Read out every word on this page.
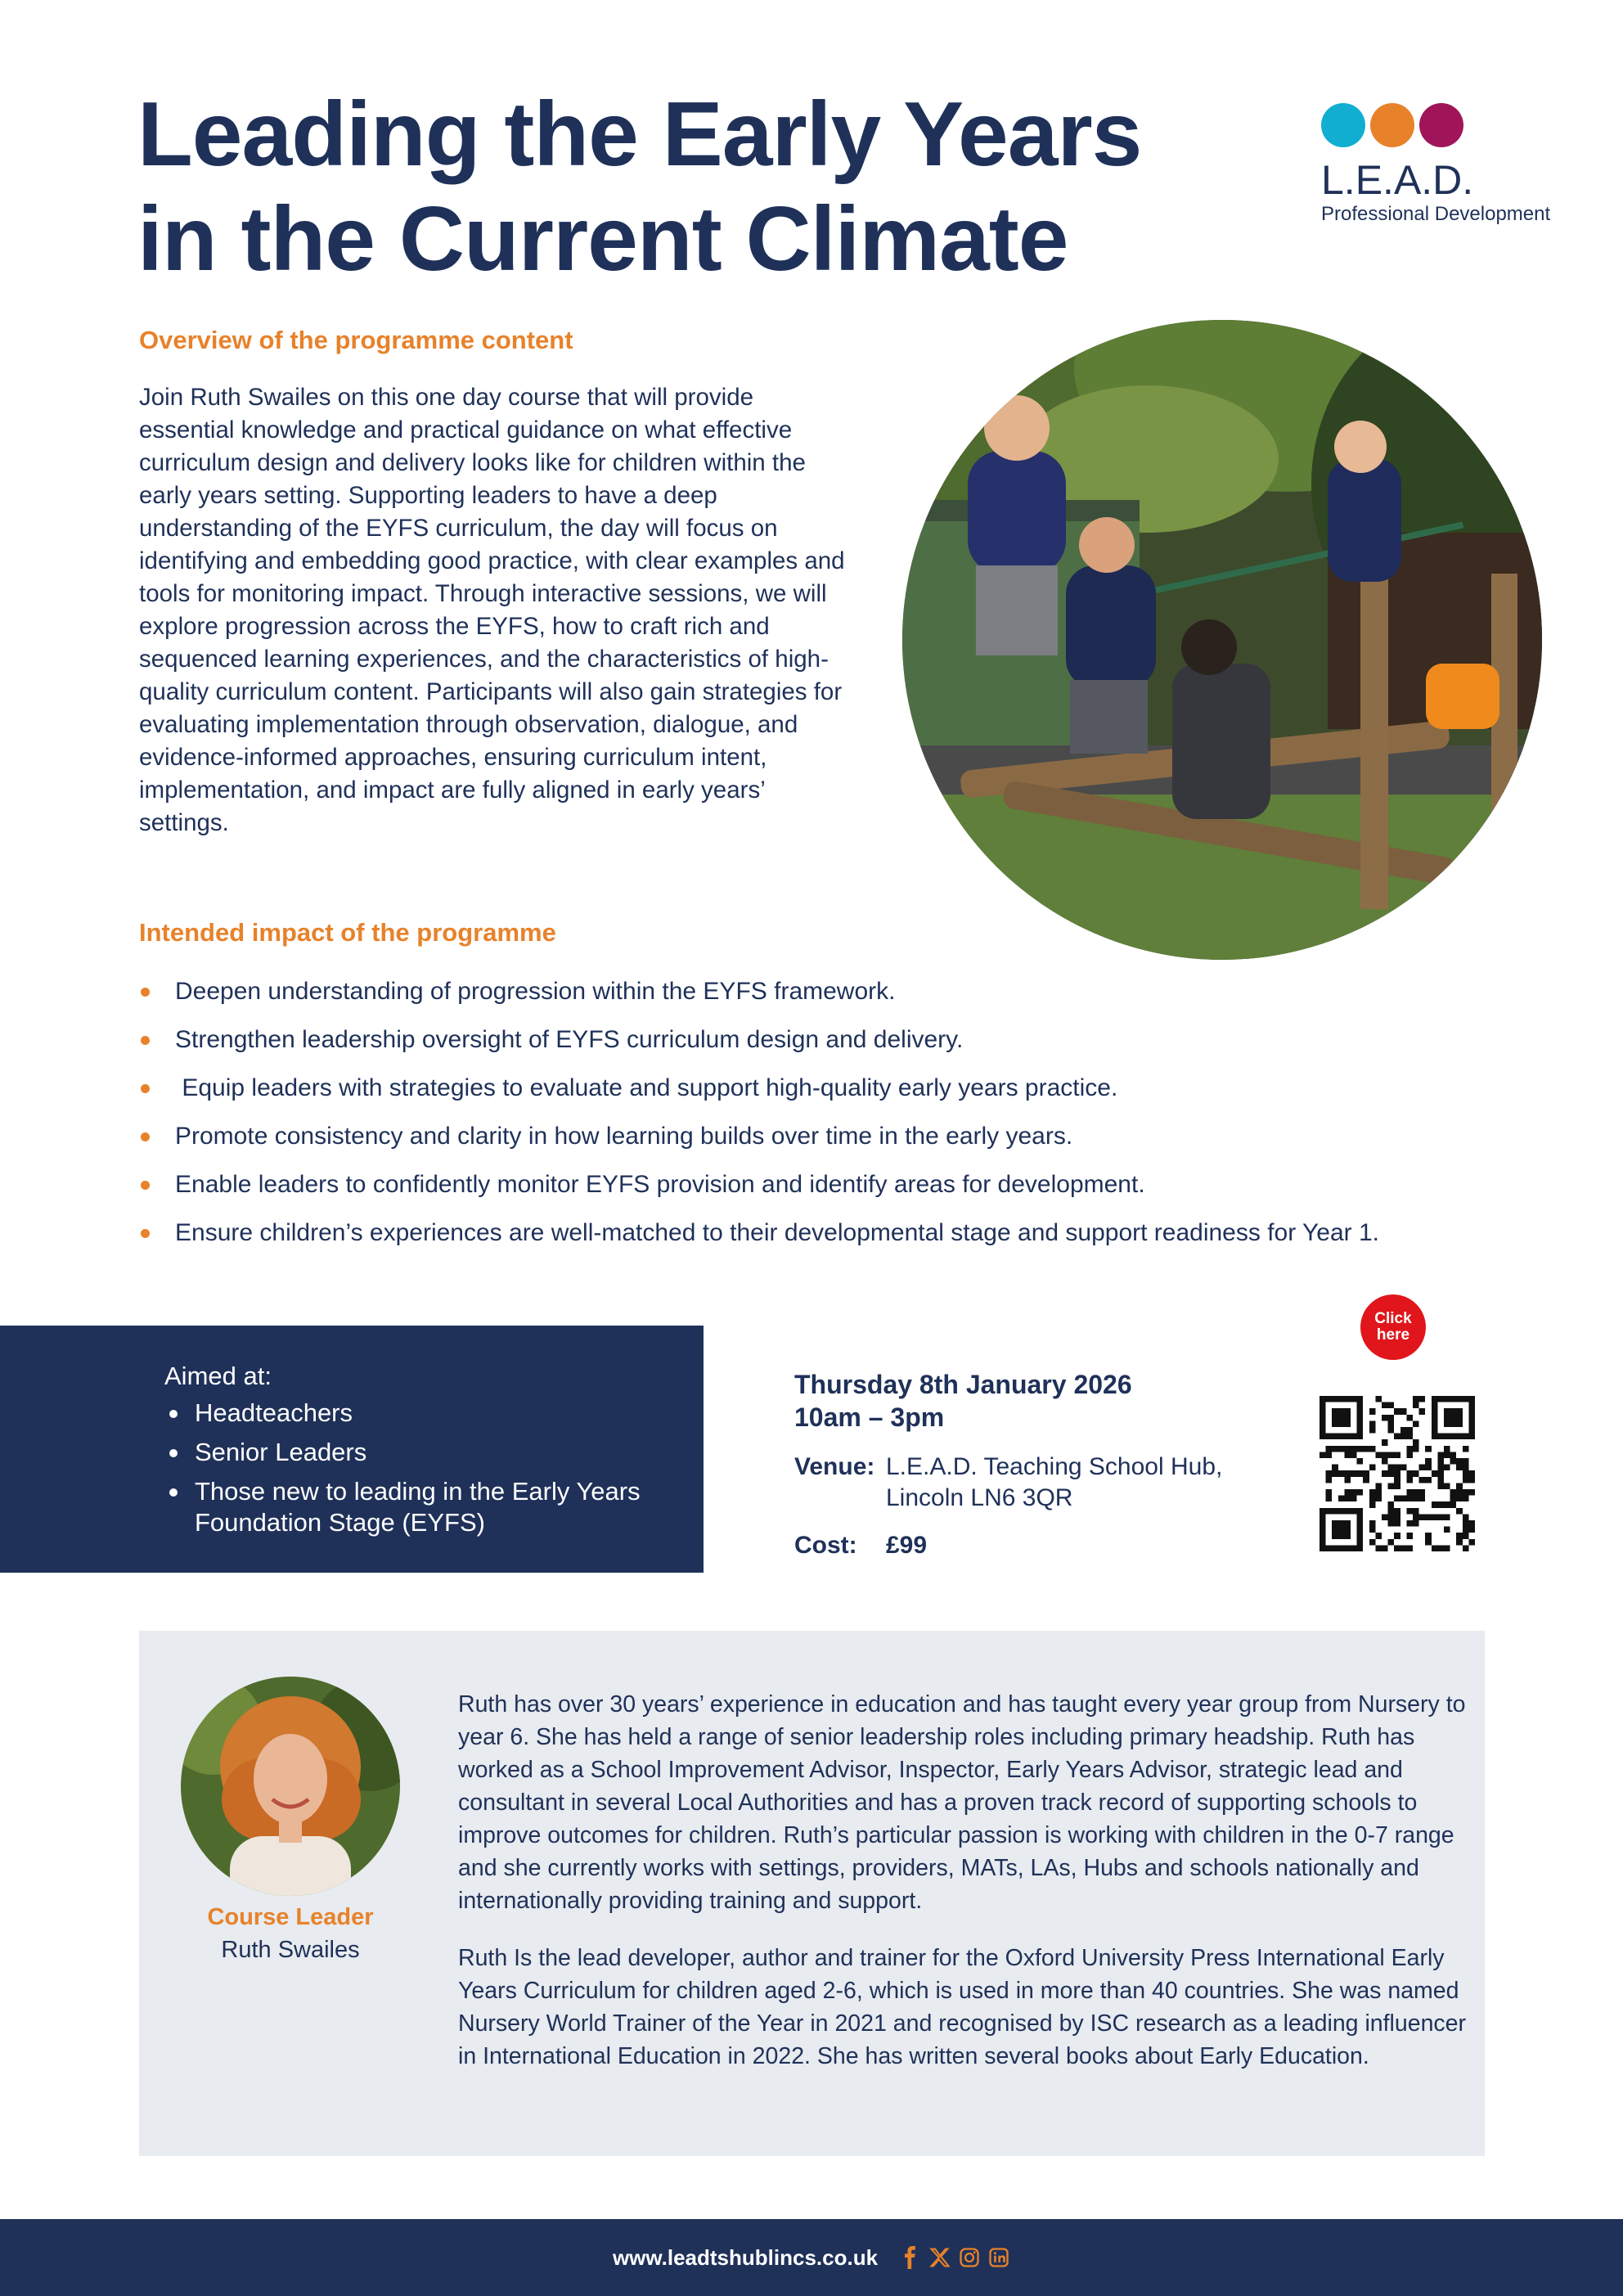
Leading the Early Years
in the Current Climate
L.E.A.D.
Professional Development
Overview of the programme content

Join Ruth Swailes on this one day course that will provide essential knowledge and practical guidance on what effective curriculum design and delivery looks like for children within the early years setting. Supporting leaders to have a deep understanding of the EYFS curriculum, the day will focus on identifying and embedding good practice, with clear examples and tools for monitoring impact. Through interactive sessions, we will explore progression across the EYFS, how to craft rich and sequenced learning experiences, and the characteristics of high-quality curriculum content. Participants will also gain strategies for evaluating implementation through observation, dialogue, and evidence-informed approaches, ensuring curriculum intent, implementation, and impact are fully aligned in early years’ settings.

Intended impact of the programme
Deepen understanding of progression within the EYFS framework.
Strengthen leadership oversight of EYFS curriculum design and delivery.
Equip leaders with strategies to evaluate and support high-quality early years practice.
Promote consistency and clarity in how learning builds over time in the early years.
Enable leaders to confidently monitor EYFS provision and identify areas for development.
Ensure children’s experiences are well-matched to their developmental stage and support readiness for Year 1.
Aimed at:
Headteachers
Senior Leaders
Those new to leading in the Early Years Foundation Stage (EYFS)
Thursday 8th January 2026
10am – 3pm
Venue: L.E.A.D. Teaching School Hub,
Lincoln LN6 3QR
Cost:	£99
Click
here
Course Leader
Ruth Swailes

Ruth has over 30 years’ experience in education and has taught every year group from Nursery to year 6. She has held a range of senior leadership roles including primary headship. Ruth has worked as a School Improvement Advisor, Inspector, Early Years Advisor, strategic lead and consultant in several Local Authorities and has a proven track record of supporting schools to improve outcomes for children. Ruth’s particular passion is working with children in the 0-7 range and she currently works with settings, providers, MATs, LAs, Hubs and schools nationally and internationally providing training and support.

Ruth Is the lead developer, author and trainer for the Oxford University Press International Early Years Curriculum for children aged 2-6, which is used in more than 40 countries. She was named Nursery World Trainer of the Year in 2021 and recognised by ISC research as a leading influencer in International Education in 2022. She has written several books about Early Education.

www.leadtshublincs.co.uk
